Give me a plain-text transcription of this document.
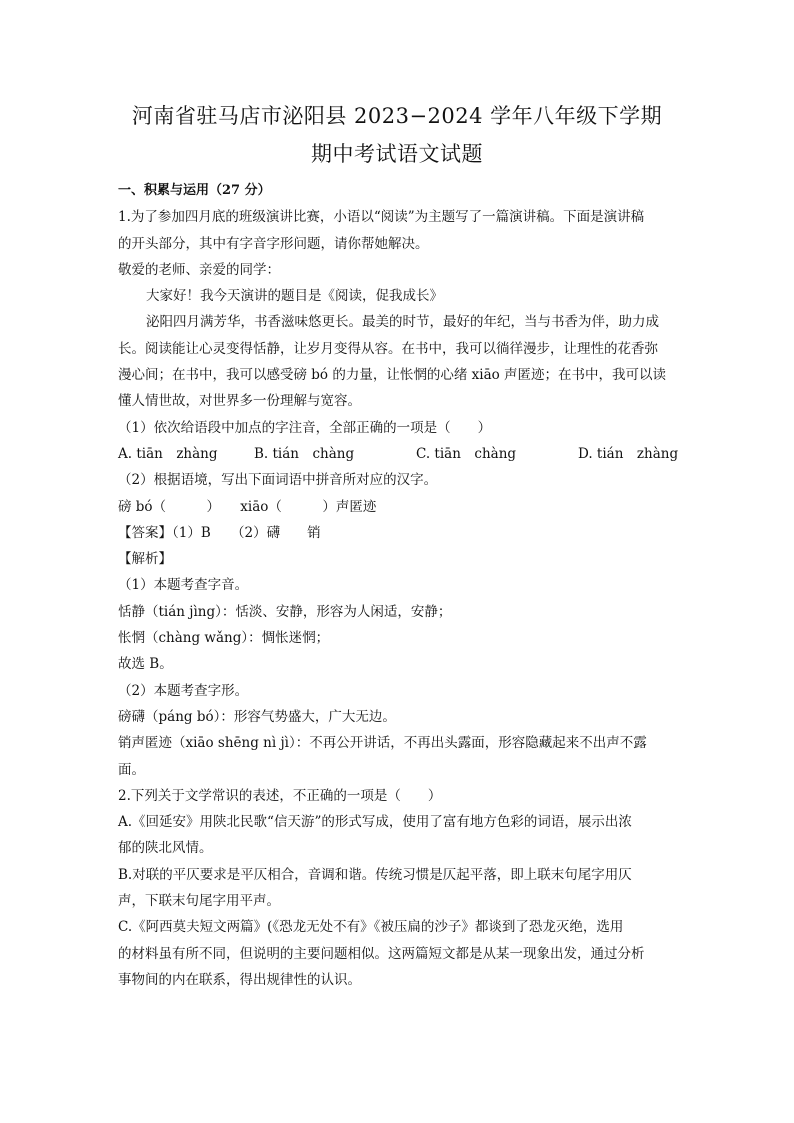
河南省驻马店市泌阳县 2023−2024 学年八年级下学期
期中考试语文试题
一、积累与运用（27 分）
1.为了参加四月底的班级演讲比赛，小语以“阅读”为主题写了一篇演讲稿。下面是演讲稿
的开头部分，其中有字音字形问题，请你帮她解决。
敬爱的老师、亲爱的同学：
大家好！我今天演讲的题目是《阅读，促我成长》
泌阳四月满芳华，书香滋味悠更长。最美的时节，最好的年纪，当与书香为伴，助力成
长。阅读能让心灵变得恬静，让岁月变得从容。在书中，我可以徜徉漫步，让理性的花香弥
漫心间；在书中，我可以感受磅 bó 的力量，让怅惘的心绪 xiāo 声匿迹；在书中，我可以读
懂人情世故，对世界多一份理解与宽容。
（1）依次给语段中加点的字注音，全部正确的一项是（　　）
A. tiān　zhàng	B. tián　chàng	C. tiān　chàng	D. tián　zhàng
（2）根据语境，写出下面词语中拼音所对应的汉字。
磅 bó（　　　）　　xiāo（　　　）声匿迹
【答案】（1）B　　（2）礴　　销
【解析】
（1）本题考查字音。
恬静（tián jìng）：恬淡、安静，形容为人闲适，安静；
怅惘（chàng wǎng）：惆怅迷惘；
故选 B。
（2）本题考查字形。
磅礴（páng bó）：形容气势盛大，广大无边。
销声匿迹（xiāo shēng nì jì）：不再公开讲话，不再出头露面，形容隐藏起来不出声不露
面。
2.下列关于文学常识的表述，不正确的一项是（　　）
A.《回延安》用陕北民歌“信天游”的形式写成，使用了富有地方色彩的词语，展示出浓
郁的陕北风情。
B.对联的平仄要求是平仄相合，音调和谐。传统习惯是仄起平落，即上联末句尾字用仄
声，下联末句尾字用平声。
C.《阿西莫夫短文两篇》(《恐龙无处不有》《被压扁的沙子》都谈到了恐龙灭绝，选用
的材料虽有所不同，但说明的主要问题相似。这两篇短文都是从某一现象出发，通过分析
事物间的内在联系，得出规律性的认识。
